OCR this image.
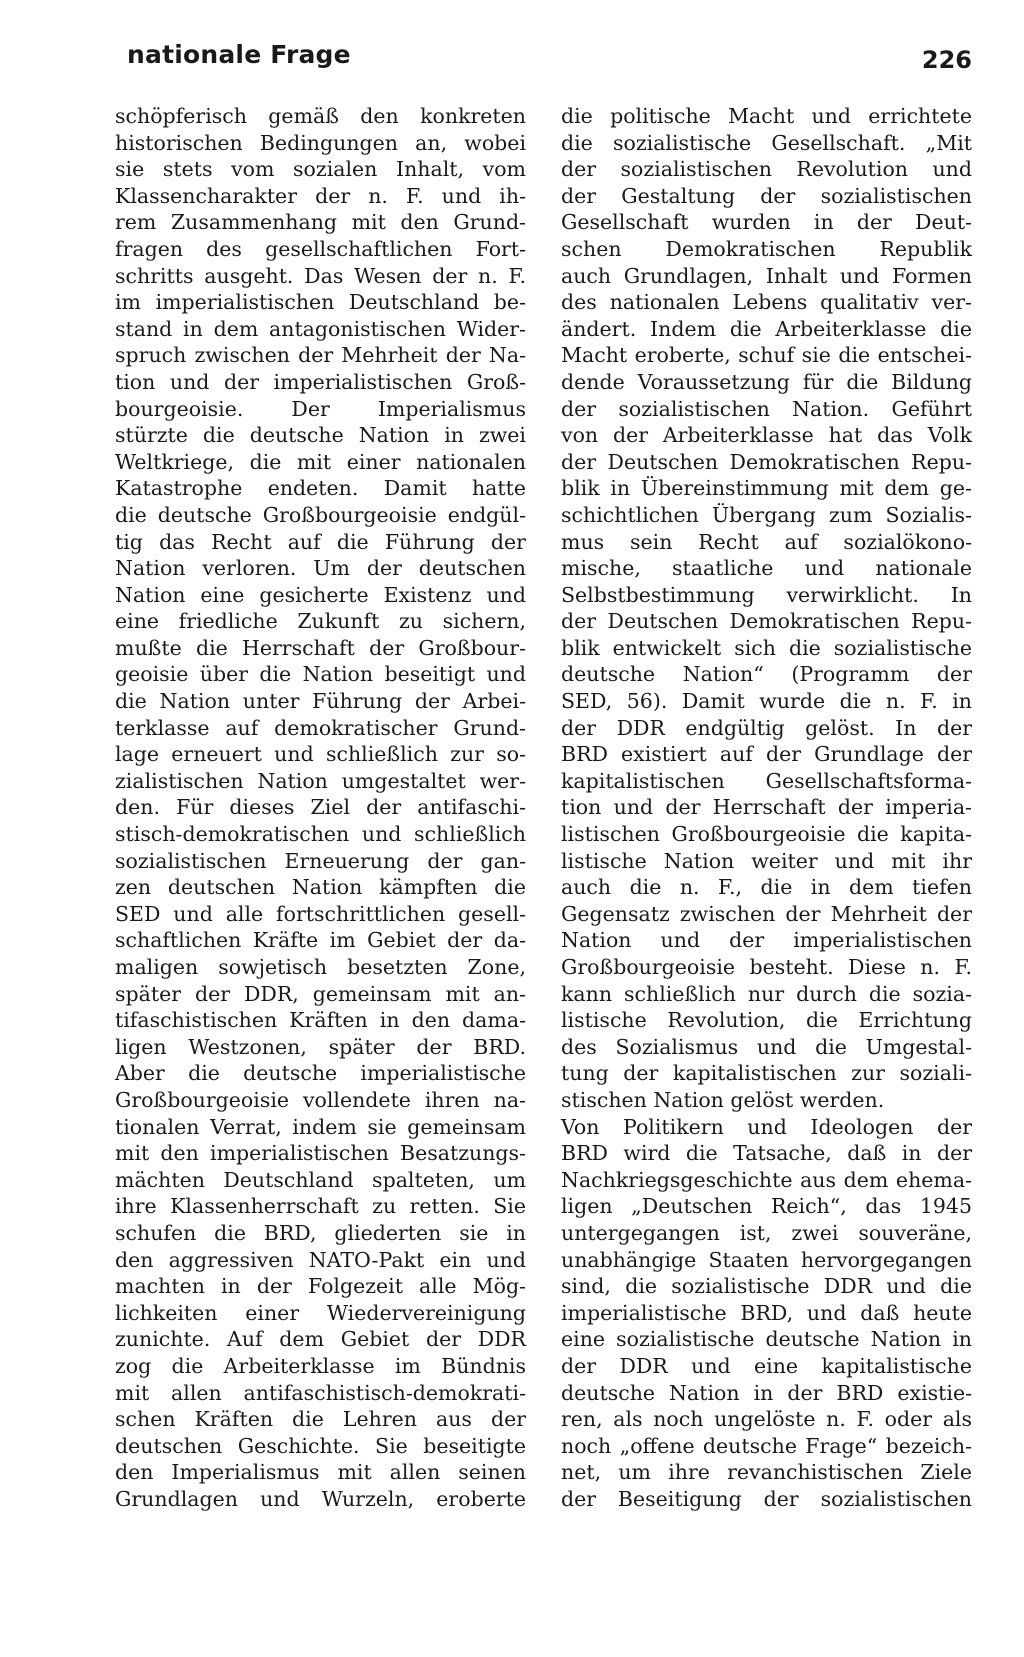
nationale Frage	226
schöpferisch gemäß den konkreten
historischen Bedingungen an, wobei
sie stets vom sozialen Inhalt, vom
Klassencharakter der n. F. und ih-
rem Zusammenhang mit den Grund-
fragen des gesellschaftlichen Fort-
schritts ausgeht. Das Wesen der n. F.
im imperialistischen Deutschland be-
stand in dem antagonistischen Wider-
spruch zwischen der Mehrheit der Na-
tion und der imperialistischen Groß-
bourgeoisie. Der Imperialismus
stürzte die deutsche Nation in zwei
Weltkriege, die mit einer nationalen
Katastrophe endeten. Damit hatte
die deutsche Großbourgeoisie endgül-
tig das Recht auf die Führung der
Nation verloren. Um der deutschen
Nation eine gesicherte Existenz und
eine friedliche Zukunft zu sichern,
mußte die Herrschaft der Großbour-
geoisie über die Nation beseitigt und
die Nation unter Führung der Arbei-
terklasse auf demokratischer Grund-
lage erneuert und schließlich zur so-
zialistischen Nation umgestaltet wer-
den. Für dieses Ziel der antifaschi-
stisch-demokratischen und schließlich
sozialistischen Erneuerung der gan-
zen deutschen Nation kämpften die
SED und alle fortschrittlichen gesell-
schaftlichen Kräfte im Gebiet der da-
maligen sowjetisch besetzten Zone,
später der DDR, gemeinsam mit an-
tifaschistischen Kräften in den dama-
ligen Westzonen, später der BRD.
Aber die deutsche imperialistische
Großbourgeoisie vollendete ihren na-
tionalen Verrat, indem sie gemeinsam
mit den imperialistischen Besatzungs-
mächten Deutschland spalteten, um
ihre Klassenherrschaft zu retten. Sie
schufen die BRD, gliederten sie in
den aggressiven NATO-Pakt ein und
machten in der Folgezeit alle Mög-
lichkeiten einer Wiedervereinigung
zunichte. Auf dem Gebiet der DDR
zog die Arbeiterklasse im Bündnis
mit allen antifaschistisch-demokrati-
schen Kräften die Lehren aus der
deutschen Geschichte. Sie beseitigte
den Imperialismus mit allen seinen
Grundlagen und Wurzeln, eroberte
die politische Macht und errichtete
die sozialistische Gesellschaft. „Mit
der sozialistischen Revolution und
der Gestaltung der sozialistischen
Gesellschaft wurden in der Deut-
schen Demokratischen Republik
auch Grundlagen, Inhalt und Formen
des nationalen Lebens qualitativ ver-
ändert. Indem die Arbeiterklasse die
Macht eroberte, schuf sie die entschei-
dende Voraussetzung für die Bildung
der sozialistischen Nation. Geführt
von der Arbeiterklasse hat das Volk
der Deutschen Demokratischen Repu-
blik in Übereinstimmung mit dem ge-
schichtlichen Übergang zum Sozialis-
mus sein Recht auf sozialökono-
mische, staatliche und nationale
Selbstbestimmung verwirklicht. In
der Deutschen Demokratischen Repu-
blik entwickelt sich die sozialistische
deutsche Nation“ (Programm der
SED, 56). Damit wurde die n. F. in
der DDR endgültig gelöst. In der
BRD existiert auf der Grundlage der
kapitalistischen Gesellschaftsforma-
tion und der Herrschaft der imperia-
listischen Großbourgeoisie die kapita-
listische Nation weiter und mit ihr
auch die n. F., die in dem tiefen
Gegensatz zwischen der Mehrheit der
Nation und der imperialistischen
Großbourgeoisie besteht. Diese n. F.
kann schließlich nur durch die sozia-
listische Revolution, die Errichtung
des Sozialismus und die Umgestal-
tung der kapitalistischen zur soziali-
stischen Nation gelöst werden.
Von Politikern und Ideologen der
BRD wird die Tatsache, daß in der
Nachkriegsgeschichte aus dem ehema-
ligen „Deutschen Reich“, das 1945
untergegangen ist, zwei souveräne,
unabhängige Staaten hervorgegangen
sind, die sozialistische DDR und die
imperialistische BRD, und daß heute
eine sozialistische deutsche Nation in
der DDR und eine kapitalistische
deutsche Nation in der BRD existie-
ren, als noch ungelöste n. F. oder als
noch „offene deutsche Frage“ bezeich-
net, um ihre revanchistischen Ziele
der Beseitigung der sozialistischen
